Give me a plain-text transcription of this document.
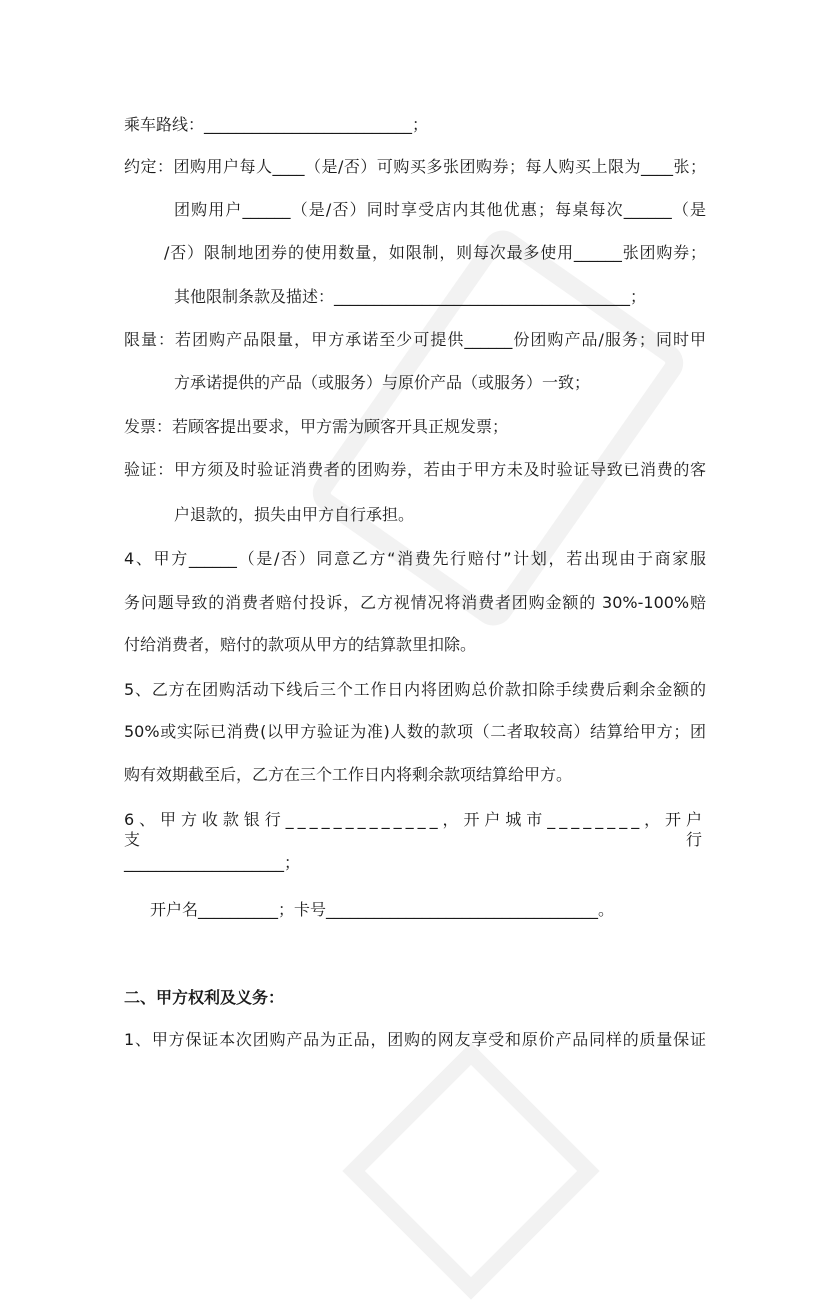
乘车路线：__________________________；
约定：团购用户每人____（是/否）可购买多张团购券；每人购买上限为____张；
团购用户______（是/否）同时享受店内其他优惠；每桌每次______（是
/否）限制地团券的使用数量，如限制，则每次最多使用______张团购券；
其他限制条款及描述：_____________________________________；
限量：若团购产品限量，甲方承诺至少可提供______份团购产品/服务；同时甲
方承诺提供的产品（或服务）与原价产品（或服务）一致；
发票：若顾客提出要求，甲方需为顾客开具正规发票；
验证：甲方须及时验证消费者的团购券，若由于甲方未及时验证导致已消费的客
户退款的，损失由甲方自行承担。
4、甲方______（是/否）同意乙方“消费先行赔付”计划，若出现由于商家服
务问题导致的消费者赔付投诉，乙方视情况将消费者团购金额的 30%-100%赔
付给消费者，赔付的款项从甲方的结算款里扣除。
5、乙方在团购活动下线后三个工作日内将团购总价款扣除手续费后剩余金额的
50%或实际已消费(以甲方验证为准)人数的款项（二者取较高）结算给甲方；团
购有效期截至后，乙方在三个工作日内将剩余款项结算给甲方。
6、甲方收款银行_____________，开户城市________，开户支行
____________________；
开户名__________；卡号__________________________________。
二、甲方权利及义务：
1、甲方保证本次团购产品为正品，团购的网友享受和原价产品同样的质量保证
